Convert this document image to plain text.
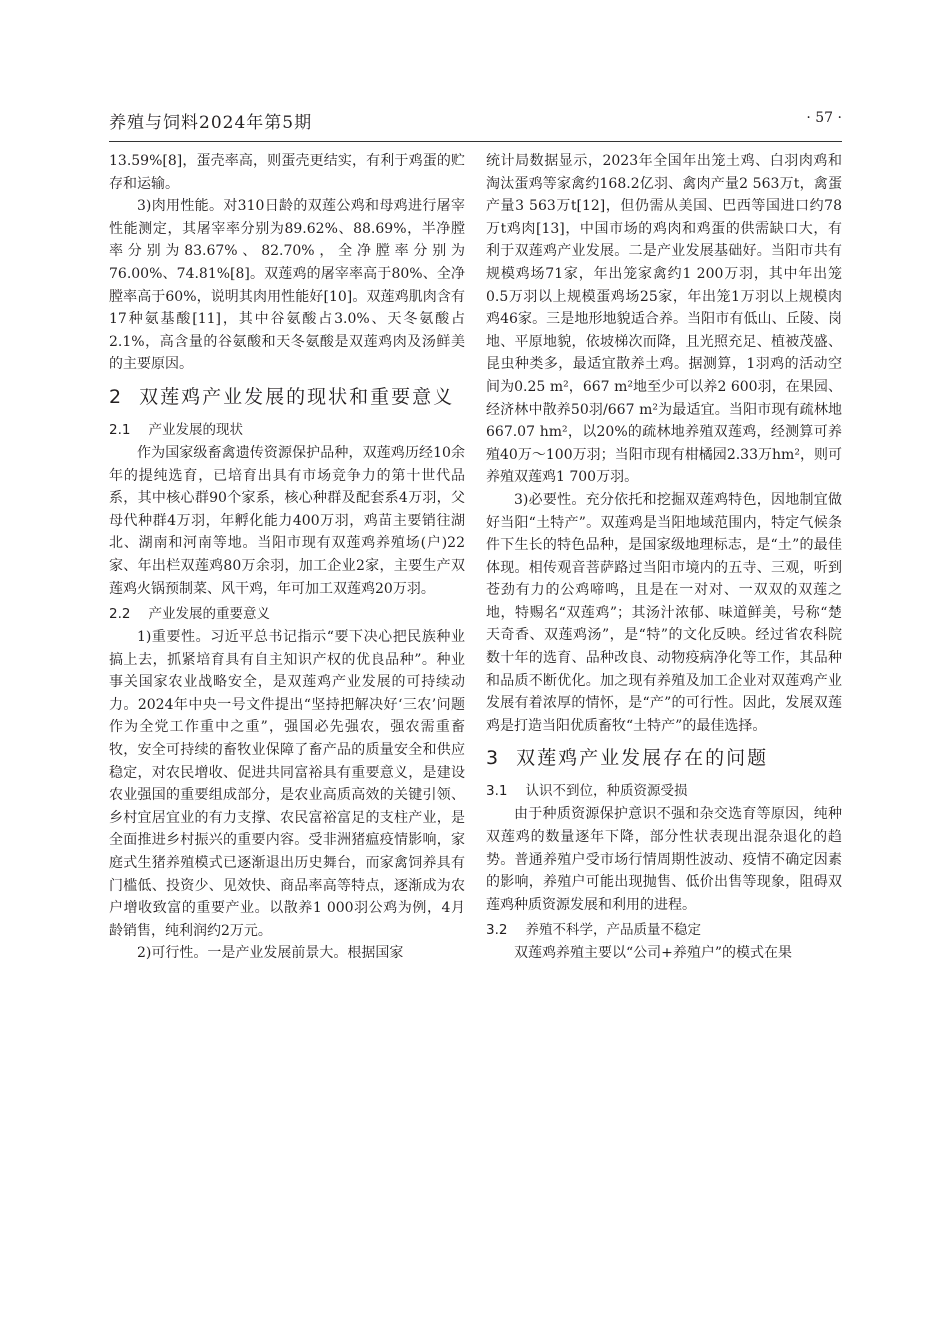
养殖与饲料2024年第5期	· 57 ·

13.59%[8]，蛋壳率高，则蛋壳更结实，有利于鸡蛋的贮存和运输。

3)肉用性能。对310日龄的双莲公鸡和母鸡进行屠宰性能测定，其屠宰率分别为89.62%、88.69%，半净膛率分别为83.67%、82.70%，全净膛率分别为76.00%、74.81%[8]。双莲鸡的屠宰率高于80%、全净膛率高于60%，说明其肉用性能好[10]。双莲鸡肌肉含有17种氨基酸[11]，其中谷氨酸占3.0%、天冬氨酸占2.1%，高含量的谷氨酸和天冬氨酸是双莲鸡肉及汤鲜美的主要原因。

2 双莲鸡产业发展的现状和重要意义
2.1 产业发展的现状

作为国家级畜禽遗传资源保护品种，双莲鸡历经10余年的提纯选育，已培育出具有市场竞争力的第十世代品系，其中核心群90个家系，核心种群及配套系4万羽，父母代种群4万羽，年孵化能力400万羽，鸡苗主要销往湖北、湖南和河南等地。当阳市现有双莲鸡养殖场(户)22家、年出栏双莲鸡80万余羽，加工企业2家，主要生产双莲鸡火锅预制菜、风干鸡，年可加工双莲鸡20万羽。

2.2 产业发展的重要意义

1)重要性。习近平总书记指示“要下决心把民族种业搞上去，抓紧培育具有自主知识产权的优良品种”。种业事关国家农业战略安全，是双莲鸡产业发展的可持续动力。2024年中央一号文件提出“坚持把解决好‘三农’问题作为全党工作重中之重”，强国必先强农，强农需重畜牧，安全可持续的畜牧业保障了畜产品的质量安全和供应稳定，对农民增收、促进共同富裕具有重要意义，是建设农业强国的重要组成部分，是农业高质高效的关键引领、乡村宜居宜业的有力支撑、农民富裕富足的支柱产业，是全面推进乡村振兴的重要内容。受非洲猪瘟疫情影响，家庭式生猪养殖模式已逐渐退出历史舞台，而家禽饲养具有门槛低、投资少、见效快、商品率高等特点，逐渐成为农户增收致富的重要产业。以散养1 000羽公鸡为例，4月龄销售，纯利润约2万元。

2)可行性。一是产业发展前景大。根据国家

统计局数据显示，2023年全国年出笼土鸡、白羽肉鸡和淘汰蛋鸡等家禽约168.2亿羽、禽肉产量2 563万t，禽蛋产量3 563万t[12]，但仍需从美国、巴西等国进口约78万t鸡肉[13]，中国市场的鸡肉和鸡蛋的供需缺口大，有利于双莲鸡产业发展。二是产业发展基础好。当阳市共有规模鸡场71家，年出笼家禽约1 200万羽，其中年出笼0.5万羽以上规模蛋鸡场25家，年出笼1万羽以上规模肉鸡46家。三是地形地貌适合养。当阳市有低山、丘陵、岗地、平原地貌，依坡梯次而降，且光照充足、植被茂盛、昆虫种类多，最适宜散养土鸡。据测算，1羽鸡的活动空间为0.25 m²，667 m²地至少可以养2 600羽，在果园、经济林中散养50羽/667 m²为最适宜。当阳市现有疏林地667.07 hm²，以20%的疏林地养殖双莲鸡，经测算可养殖40万～100万羽；当阳市现有柑橘园2.33万hm²，则可养殖双莲鸡1 700万羽。

3)必要性。充分依托和挖掘双莲鸡特色，因地制宜做好当阳“土特产”。双莲鸡是当阳地域范围内，特定气候条件下生长的特色品种，是国家级地理标志，是“土”的最佳体现。相传观音菩萨路过当阳市境内的五寺、三观，听到苍劲有力的公鸡啼鸣，且是在一对对、一双双的双莲之地，特赐名“双莲鸡”；其汤汁浓郁、味道鲜美，号称“楚天奇香、双莲鸡汤”，是“特”的文化反映。经过省农科院数十年的选育、品种改良、动物疫病净化等工作，其品种和品质不断优化。加之现有养殖及加工企业对双莲鸡产业发展有着浓厚的情怀，是“产”的可行性。因此，发展双莲鸡是打造当阳优质畜牧“土特产”的最佳选择。

3 双莲鸡产业发展存在的问题
3.1 认识不到位，种质资源受损

由于种质资源保护意识不强和杂交选育等原因，纯种双莲鸡的数量逐年下降，部分性状表现出混杂退化的趋势。普通养殖户受市场行情周期性波动、疫情不确定因素的影响，养殖户可能出现抛售、低价出售等现象，阻碍双莲鸡种质资源发展和利用的进程。

3.2 养殖不科学，产品质量不稳定

双莲鸡养殖主要以“公司+养殖户”的模式在果
